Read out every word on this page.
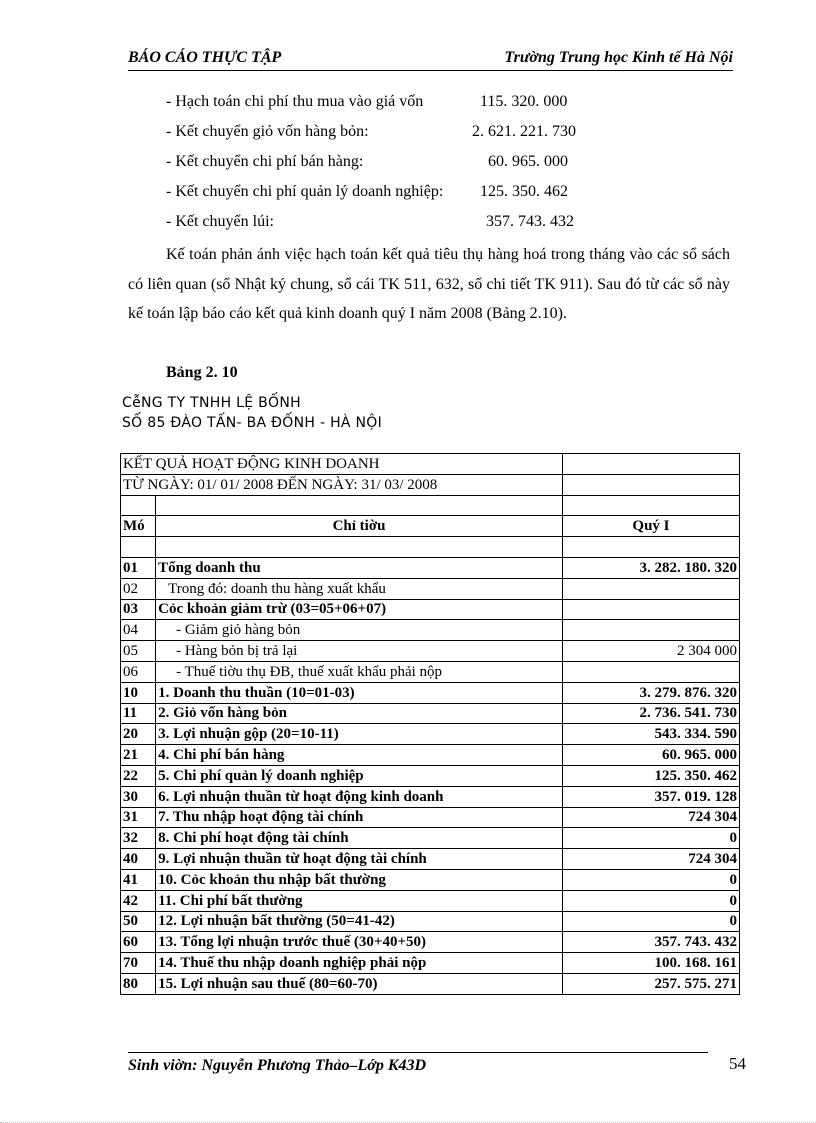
BÁO CÁO THỰC TẬP	Trường Trung học Kinh tế Hà Nội
- Hạch toán chi phí thu mua vào giá vốn	115. 320. 000
- Kết chuyển giỏ vốn hàng bỏn:	2. 621. 221. 730
- Kết chuyển chi phí bán hàng:	60. 965. 000
- Kết chuyển chi phí quản lý doanh nghiệp: 125. 350. 462
- Kết chuyển lúi:	357. 743. 432
Kế toán phản ánh việc hạch toán kết quả tiêu thụ hàng hoá trong tháng vào các sổ sách có liên quan (sổ Nhật ký chung, sổ cái TK 511, 632, sổ chi tiết TK 911). Sau đó từ các sổ này kế toán lập báo cáo kết quả kinh doanh quý I năm 2008 (Bảng 2.10).
Bảng 2. 10
CễNG TY TNHH LỆ BỐNH
SỐ 85 ĐÀO TẤN- BA ĐỐNH - HÀ NỘI
KẾT QUẢ HOẠT ĐỘNG KINH DOANH		
TỪ NGÀY: 01/ 01/ 2008 ĐẾN NGÀY: 31/ 03/ 2008		

Mó	Chỉ tiờu	Quý I

01	Tổng doanh thu	3. 282. 180. 320
02	Trong đó: doanh thu hàng xuất khẩu	
03	Cỏc khoản giảm trừ (03=05+06+07)	
04	- Giảm giỏ hàng bỏn	
05	- Hàng bỏn bị trả lại	2 304 000
06	- Thuế tiờu thụ ĐB, thuế xuất khẩu phải nộp	
10	1. Doanh thu thuần (10=01-03)	3. 279. 876. 320
11	2. Giỏ vốn hàng bỏn	2. 736. 541. 730
20	3. Lợi nhuận gộp (20=10-11)	543. 334. 590
21	4. Chi phí bán hàng	60. 965. 000
22	5. Chi phí quản lý doanh nghiệp	125. 350. 462
30	6. Lợi nhuận thuần từ hoạt động kinh doanh	357. 019. 128
31	7. Thu nhập hoạt động tài chính	724 304
32	8. Chi phí hoạt động tài chính	0
40	9. Lợi nhuận thuần từ hoạt động tài chính	724 304
41	10. Cỏc khoản thu nhập bất thường	0
42	11. Chi phí bất thường	0
50	12. Lợi nhuận bất thường (50=41-42)	0
60	13. Tổng lợi nhuận trước thuế (30+40+50)	357. 743. 432
70	14. Thuế thu nhập doanh nghiệp phải nộp	100. 168. 161
80	15. Lợi nhuận sau thuế (80=60-70)	257. 575. 271
Sinh viờn: Nguyễn Phương Thảo–Lớp K43D	54
